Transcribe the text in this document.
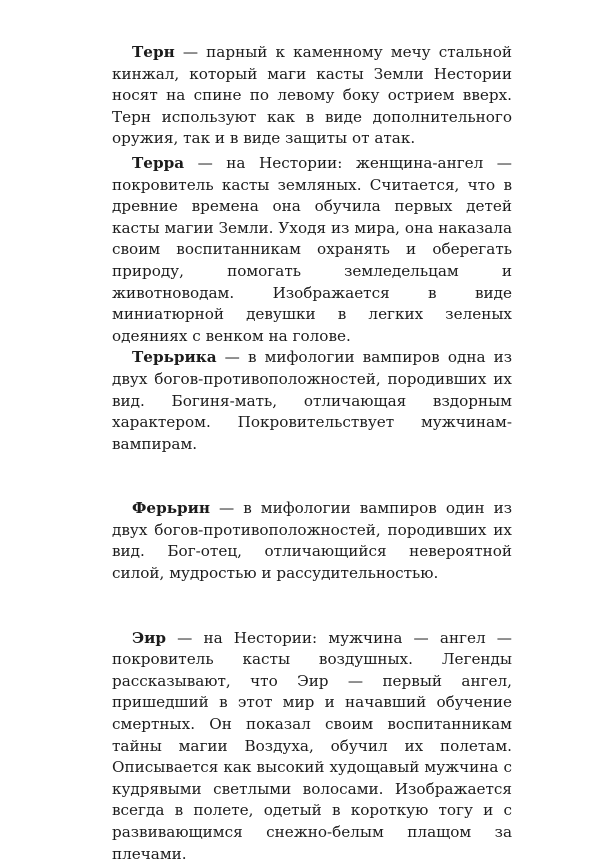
Терн — парный к каменному мечу стальной кинжал, который маги касты Земли Нестории носят на спине по левому боку острием вверх. Терн используют как в виде дополнительного оружия, так и в виде защиты от атак.

Терра — на Нестории: женщина-ангел — покровитель касты земляных. Считается, что в древние времена она обучила первых детей касты магии Земли. Уходя из мира, она наказала своим воспитанникам охранять и оберегать природу, помогать земледельцам и животноводам. Изображается в виде миниатюрной девушки в легких зеленых одеяниях с венком на голове.

Терьрика — в мифологии вампиров одна из двух богов-противоположностей, породивших их вид. Богиня-мать, отличающая вздорным характером. Покровительствует мужчинам-вампирам.

Ферьрин — в мифологии вампиров один из двух богов-противоположностей, породивших их вид. Бог-отец, отличающийся невероятной силой, мудростью и рассудительностью.

Эир — на Нестории: мужчина — ангел — покровитель касты воздушных. Легенды рассказывают, что Эир — первый ангел, пришедший в этот мир и начавший обучение смертных. Он показал своим воспитанникам тайны магии Воздуха, обучил их полетам. Описывается как высокий худощавый мужчина с кудрявыми светлыми волосами. Изображается всегда в полете, одетый в короткую тогу и с развивающимся снежно-белым плащом за плечами.
